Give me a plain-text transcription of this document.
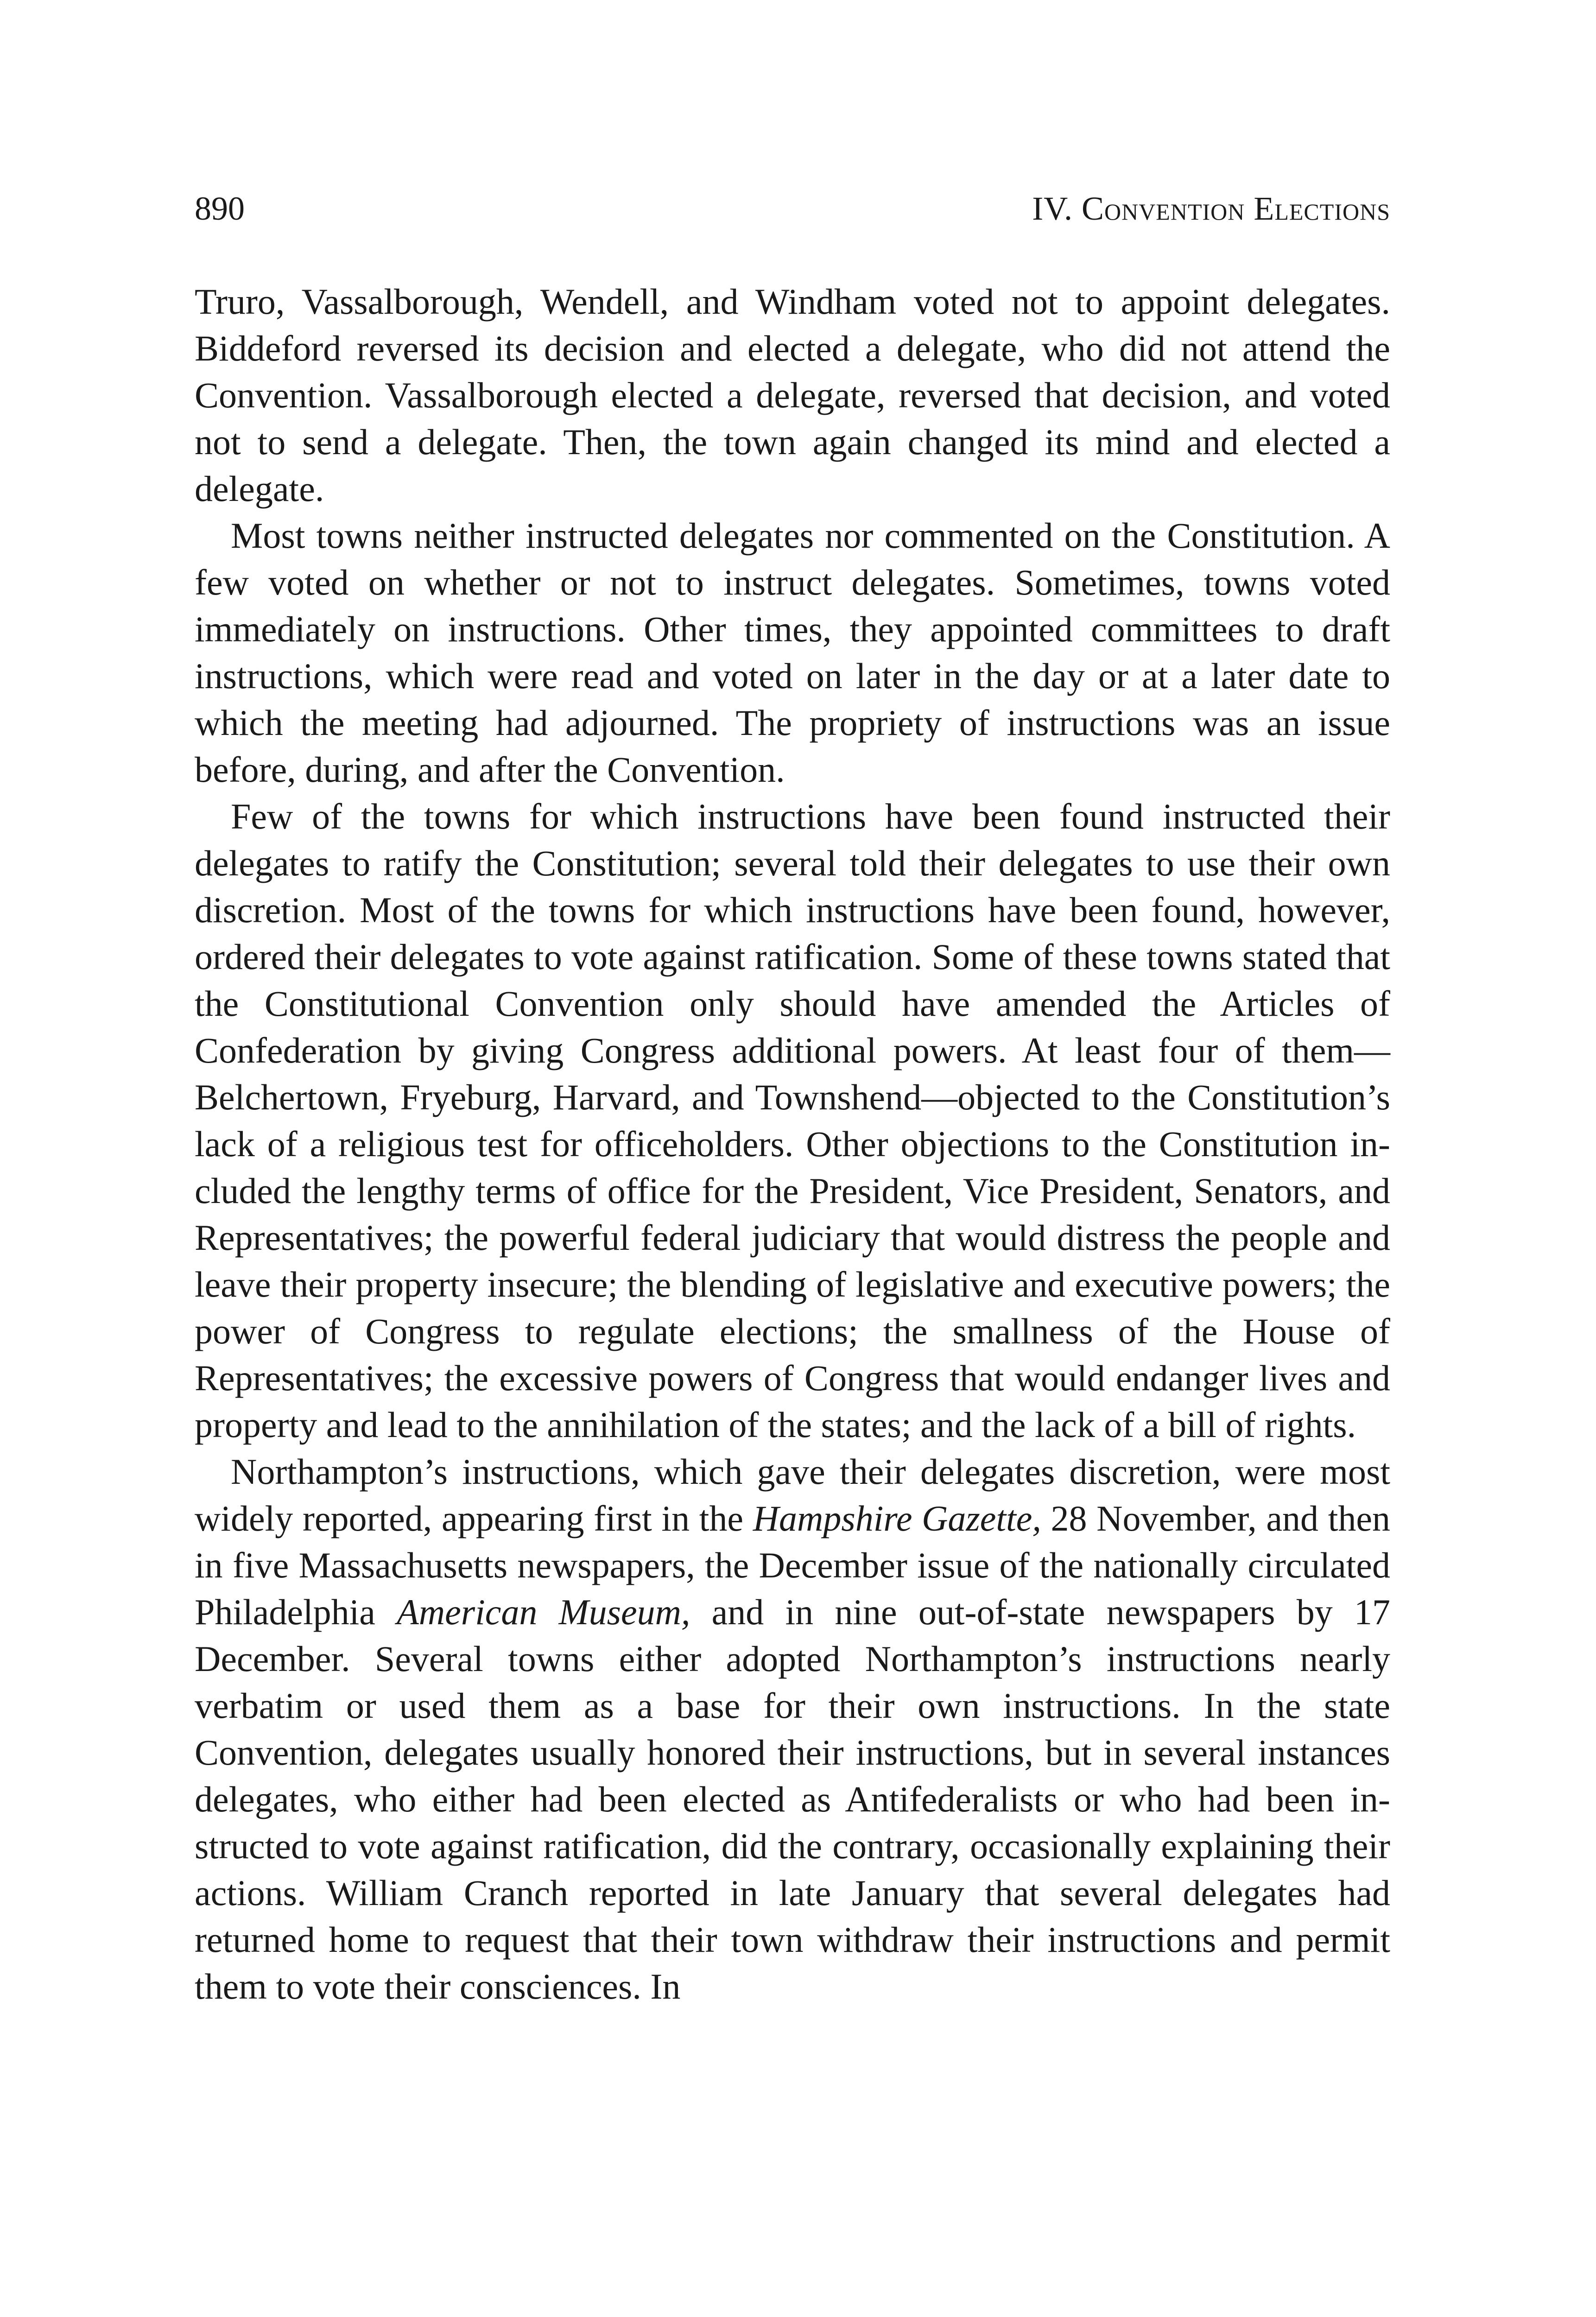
890	IV. Convention Elections

Truro, Vassalborough, Wendell, and Windham voted not to appoint delegates. Biddeford reversed its decision and elected a delegate, who did not attend the Convention. Vassalborough elected a delegate, reversed that decision, and voted not to send a delegate. Then, the town again changed its mind and elected a delegate.

Most towns neither instructed delegates nor commented on the Constitution. A few voted on whether or not to instruct delegates. Sometimes, towns voted immediately on instructions. Other times, they appointed committees to draft instructions, which were read and voted on later in the day or at a later date to which the meeting had adjourned. The propriety of instructions was an issue before, during, and after the Convention.

Few of the towns for which instructions have been found instructed their delegates to ratify the Constitution; several told their delegates to use their own discretion. Most of the towns for which instructions have been found, however, ordered their delegates to vote against ratification. Some of these towns stated that the Constitutional Convention only should have amended the Articles of Confederation by giving Congress additional powers. At least four of them—Belchertown, Fryeburg, Harvard, and Townshend—objected to the Constitution’s lack of a religious test for officeholders. Other objections to the Constitution included the lengthy terms of office for the President, Vice President, Senators, and Representatives; the powerful federal judiciary that would distress the people and leave their property insecure; the blending of legislative and executive powers; the power of Congress to regulate elections; the smallness of the House of Representatives; the excessive powers of Congress that would endanger lives and property and lead to the annihilation of the states; and the lack of a bill of rights.

Northampton’s instructions, which gave their delegates discretion, were most widely reported, appearing first in the Hampshire Gazette, 28 November, and then in five Massachusetts newspapers, the December issue of the nationally circulated Philadelphia American Museum, and in nine out-of-state newspapers by 17 December. Several towns either adopted Northampton’s instructions nearly verbatim or used them as a base for their own instructions. In the state Convention, delegates usually honored their instructions, but in several instances delegates, who either had been elected as Antifederalists or who had been instructed to vote against ratification, did the contrary, occasionally explaining their actions. William Cranch reported in late January that several delegates had returned home to request that their town withdraw their instructions and permit them to vote their consciences. In
